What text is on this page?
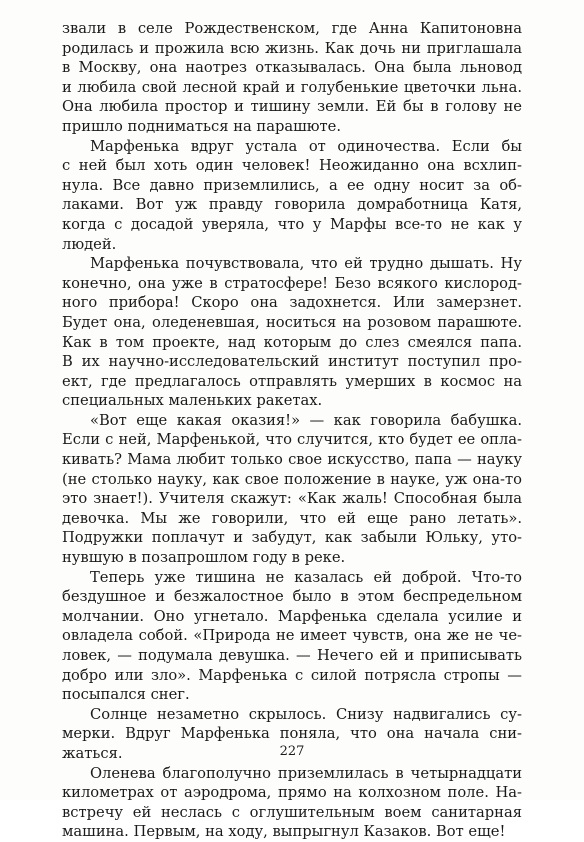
звали в селе Рождественском, где Анна Капитоновна
родилась и прожила всю жизнь. Как дочь ни приглашала
в Москву, она наотрез отказывалась. Она была льновод
и любила свой лесной край и голубенькие цветочки льна.
Она любила простор и тишину земли. Ей бы в голову не
пришло подниматься на парашюте.
Марфенька вдруг устала от одиночества. Если бы
с ней был хоть один человек! Неожиданно она всхлип-
нула. Все давно приземлились, а ее одну носит за об-
лаками. Вот уж правду говорила домработница Катя,
когда с досадой уверяла, что у Марфы все-то не как у
людей.
Марфенька почувствовала, что ей трудно дышать. Ну
конечно, она уже в стратосфере! Безо всякого кислород-
ного прибора! Скоро она задохнется. Или замерзнет.
Будет она, оледеневшая, носиться на розовом парашюте.
Как в том проекте, над которым до слез смеялся папа.
В их научно-исследовательский институт поступил про-
ект, где предлагалось отправлять умерших в космос на
специальных маленьких ракетах.
«Вот еще какая оказия!» — как говорила бабушка.
Если с ней, Марфенькой, что случится, кто будет ее опла-
кивать? Мама любит только свое искусство, папа — науку
(не столько науку, как свое положение в науке, уж она-то
это знает!). Учителя скажут: «Как жаль! Способная была
девочка. Мы же говорили, что ей еще рано летать».
Подружки поплачут и забудут, как забыли Юльку, уто-
нувшую в позапрошлом году в реке.
Теперь уже тишина не казалась ей доброй. Что-то
бездушное и безжалостное было в этом беспредельном
молчании. Оно угнетало. Марфенька сделала усилие и
овладела собой. «Природа не имеет чувств, она же не че-
ловек, — подумала девушка. — Нечего ей и приписывать
добро или зло». Марфенька с силой потрясла стропы —
посыпался снег.
Солнце незаметно скрылось. Снизу надвигались су-
мерки. Вдруг Марфенька поняла, что она начала сни-
жаться.
Оленева благополучно приземлилась в четырнадцати
километрах от аэродрома, прямо на колхозном поле. На-
встречу ей неслась с оглушительным воем санитарная
машина. Первым, на ходу, выпрыгнул Казаков. Вот еще!
227
